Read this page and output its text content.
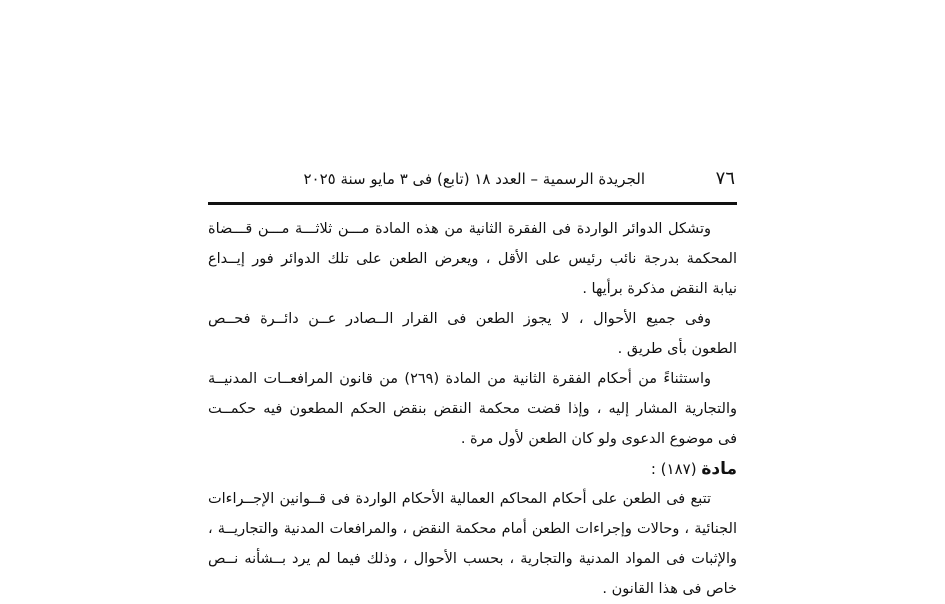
٧٦
الجريدة الرسمية – العدد ١٨ (تابع) فى ٣ مايو سنة ٢٠٢٥
وتشكل الدوائر الواردة فى الفقرة الثانية من هذه المادة مـــن ثلاثـــة مـــن قـــضاة
المحكمة بدرجة نائب رئيس على الأقل ، ويعرض الطعن على تلك الدوائر فور إيــداع
نيابة النقض مذكرة برأيها .
وفى جميع الأحوال ، لا يجوز الطعن فى القرار الــصادر عــن دائــرة فحــص
الطعون بأى طريق .
واستثناءً من أحكام الفقرة الثانية من المادة (٢٦٩) من قانون المرافعــات المدنيــة
والتجارية المشار إليه ، وإذا قضت محكمة النقض بنقض الحكم المطعون فيه حكمــت
فى موضوع الدعوى ولو كان الطعن لأول مرة .
مادة (١٨٧) :
تتبع فى الطعن على أحكام المحاكم العمالية الأحكام الواردة فى قــوانين الإجــراءات
الجنائية ، وحالات وإجراءات الطعن أمام محكمة النقض ، والمرافعات المدنية والتجاريــة ،
والإثبات فى المواد المدنية والتجارية ، بحسب الأحوال ، وذلك فيما لم يرد بــشأنه نــص
خاص فى هذا القانون .
